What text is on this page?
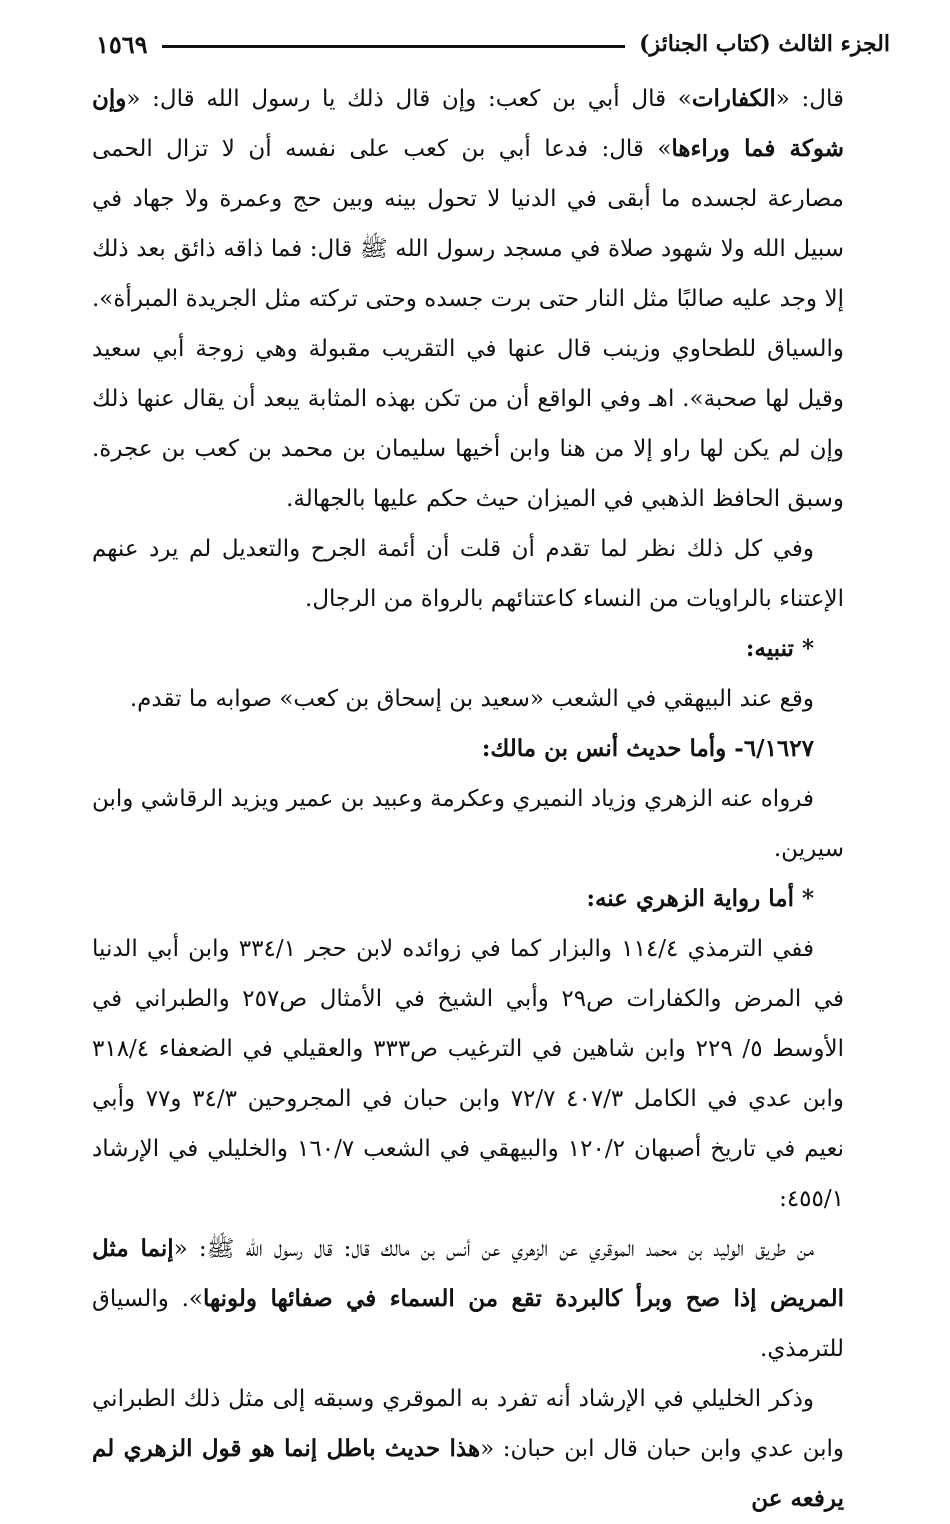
الجزء الثالث (كتاب الجنائز)
١٥٦٩

قال: «الكفارات» قال أبي بن كعب: وإن قال ذلك يا رسول الله قال: «وإن شوكة فما وراءها» قال: فدعا أبي بن كعب على نفسه أن لا تزال الحمى مصارعة لجسده ما أبقى في الدنيا لا تحول بينه وبين حج وعمرة ولا جهاد في سبيل الله ولا شهود صلاة في مسجد رسول الله ﷺ قال: فما ذاقه ذائق بعد ذلك إلا وجد عليه صالبًا مثل النار حتى برت جسده وحتى تركته مثل الجريدة المبرأة». والسياق للطحاوي وزينب قال عنها في التقريب مقبولة وهي زوجة أبي سعيد وقيل لها صحبة». اهـ وفي الواقع أن من تكن بهذه المثابة يبعد أن يقال عنها ذلك وإن لم يكن لها راو إلا من هنا وابن أخيها سليمان بن محمد بن كعب بن عجرة. وسبق الحافظ الذهبي في الميزان حيث حكم عليها بالجهالة.

وفي كل ذلك نظر لما تقدم أن قلت أن أئمة الجرح والتعديل لم يرد عنهم الإعتناء بالراويات من النساء كاعتنائهم بالرواة من الرجال.

* تنبيه:

وقع عند البيهقي في الشعب «سعيد بن إسحاق بن كعب» صوابه ما تقدم.

٦/١٦٢٧- وأما حديث أنس بن مالك:

فرواه عنه الزهري وزياد النميري وعكرمة وعبيد بن عمير ويزيد الرقاشي وابن سيرين.

* أما رواية الزهري عنه:

ففي الترمذي ١١٤/٤ والبزار كما في زوائده لابن حجر ٣٣٤/١ وابن أبي الدنيا في المرض والكفارات ص٢٩ وأبي الشيخ في الأمثال ص٢٥٧ والطبراني في الأوسط ٥/ ٢٢٩ وابن شاهين في الترغيب ص٣٣٣ والعقيلي في الضعفاء ٣١٨/٤ وابن عدي في الكامل ٤٠٧/٣ ٧٢/٧ وابن حبان في المجروحين ٣٤/٣ و٧٧ وأبي نعيم في تاريخ أصبهان ١٢٠/٢ والبيهقي في الشعب ١٦٠/٧ والخليلي في الإرشاد ٤٥٥/١:

من طريق الوليد بن محمد الموقري عن الزهري عن أنس بن مالك قال: قال رسول الله ﷺ: «إنما مثل المريض إذا صح وبرأ كالبردة تقع من السماء في صفائها ولونها». والسياق للترمذي.

وذكر الخليلي في الإرشاد أنه تفرد به الموقري وسبقه إلى مثل ذلك الطبراني وابن عدي وابن حبان قال ابن حبان: «هذا حديث باطل إنما هو قول الزهري لم يرفعه عن
